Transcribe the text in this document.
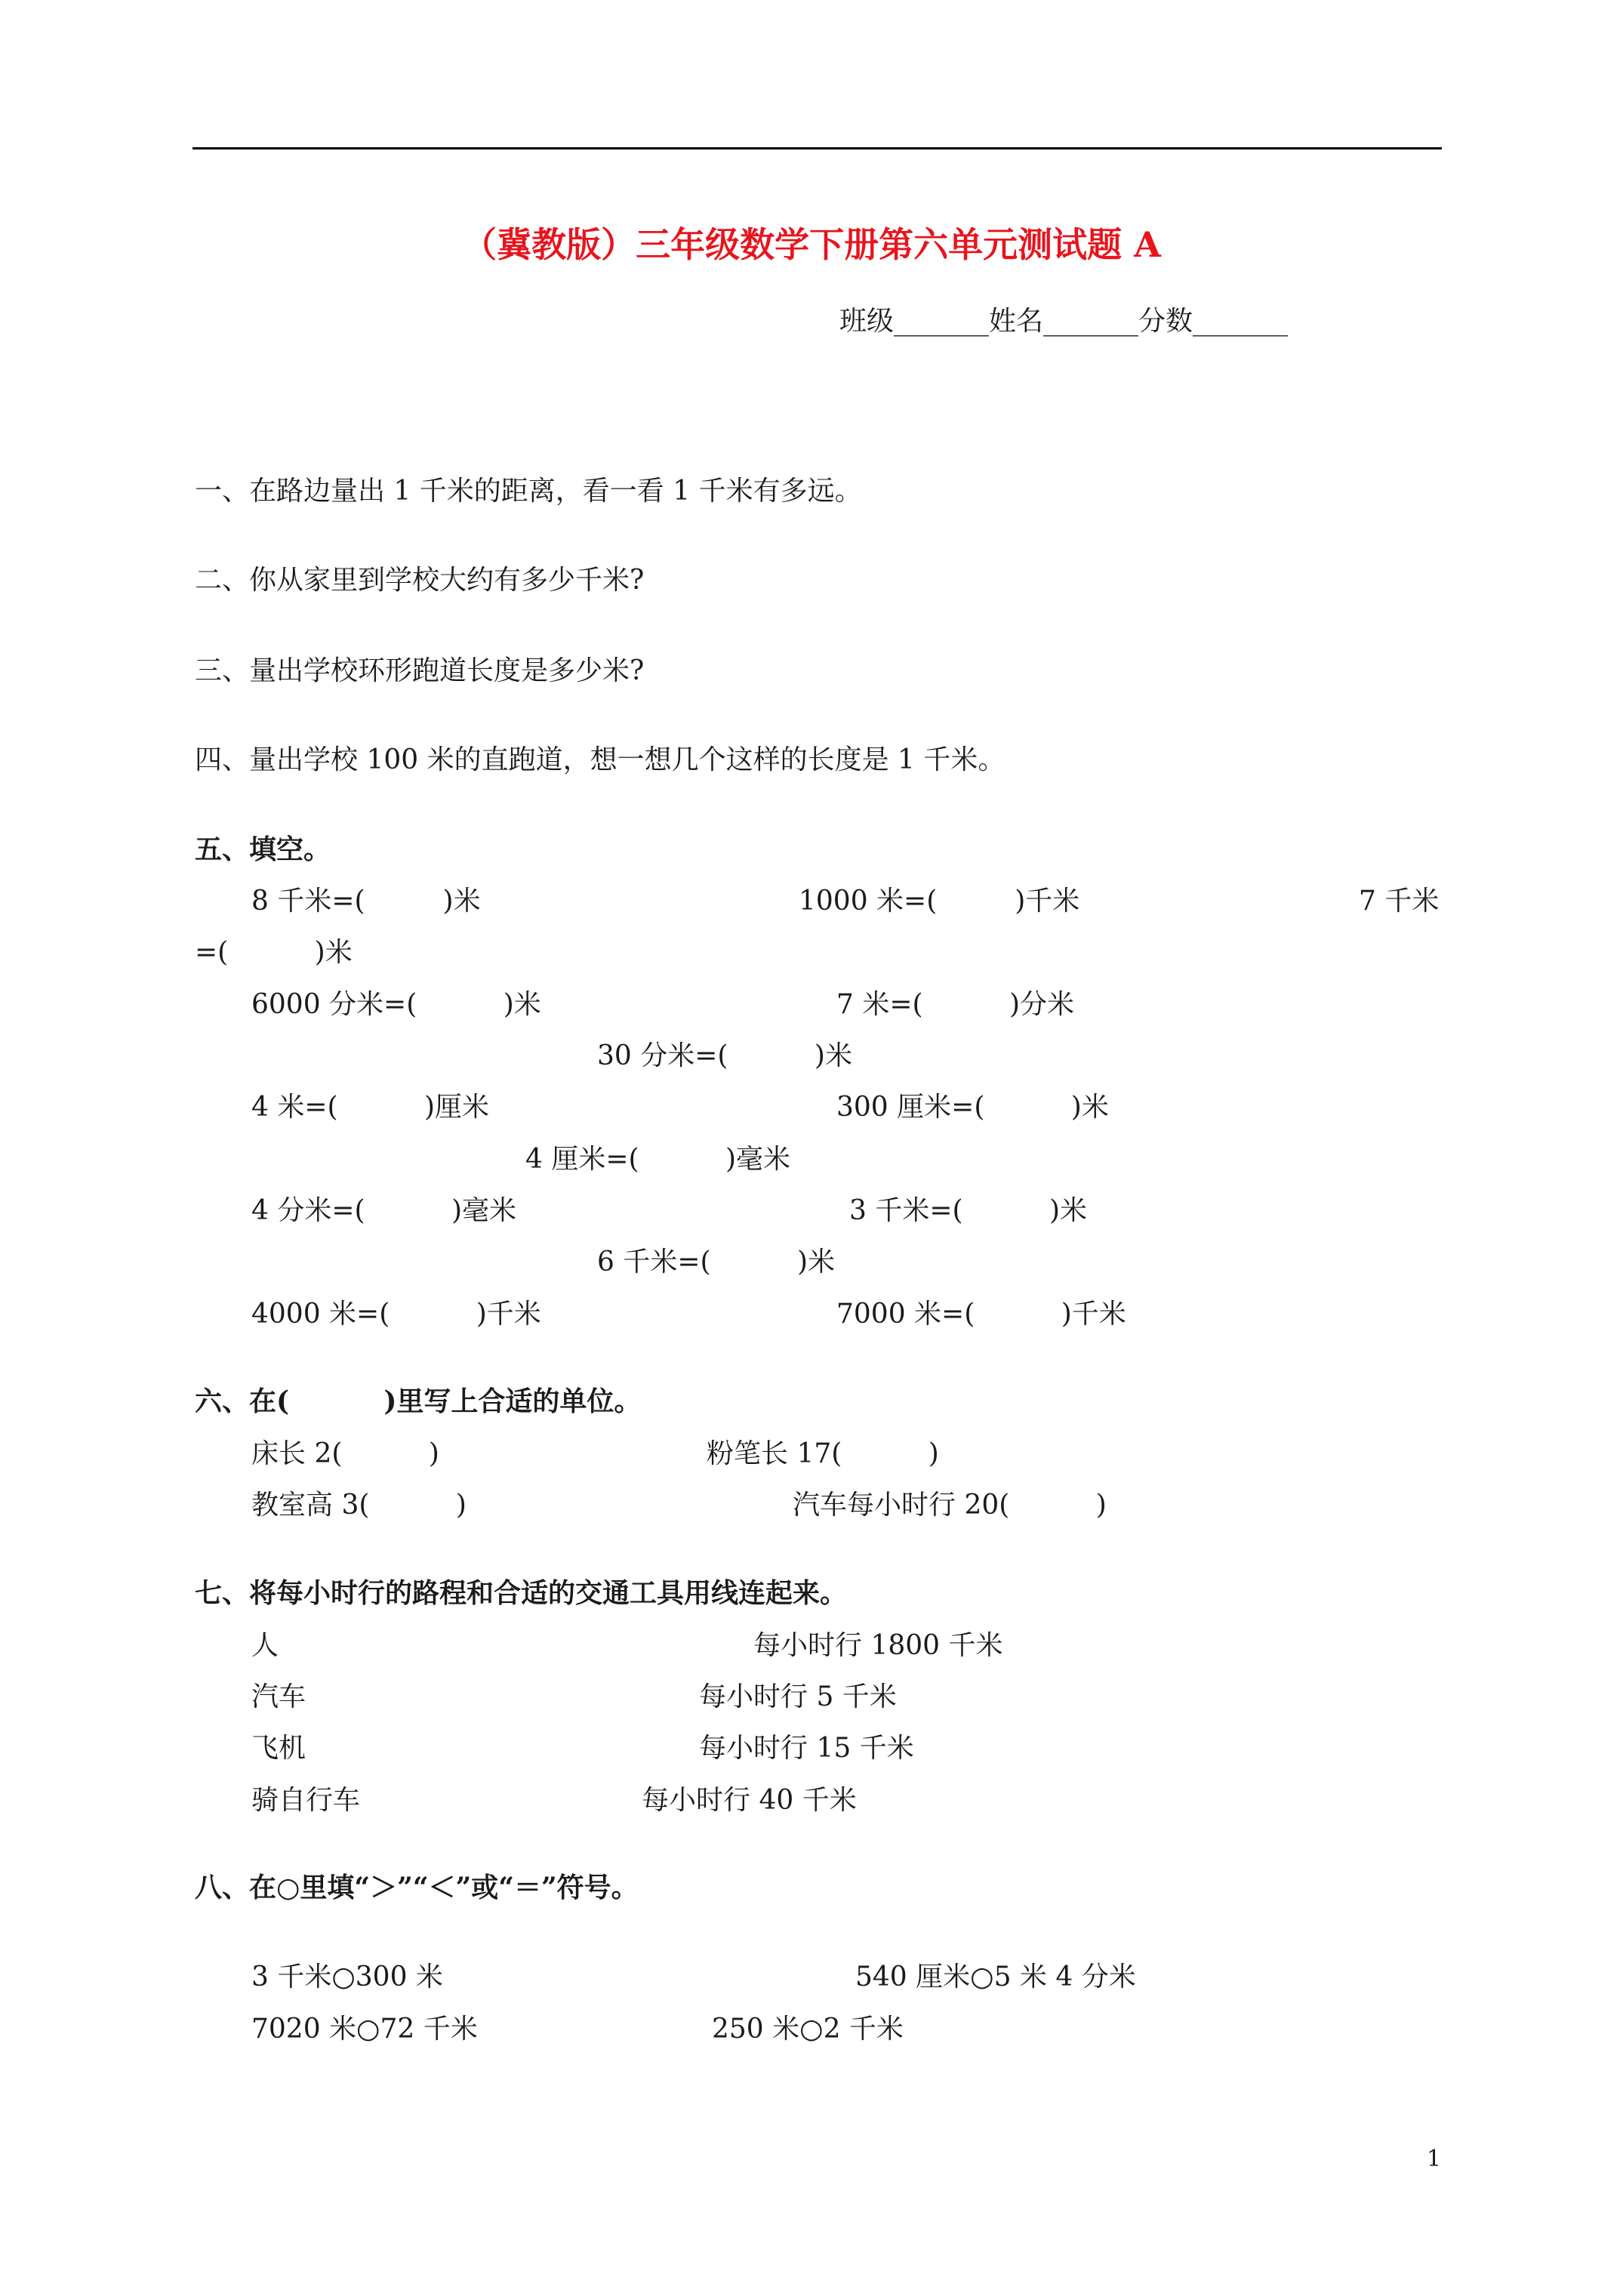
（冀教版）三年级数学下册第六单元测试题 A
班级_______姓名_______分数_______
一、在路边量出 1 千米的距离，看一看 1 千米有多远。
二、你从家里到学校大约有多少千米?
三、量出学校环形跑道长度是多少米?
四、量出学校 100 米的直跑道，想一想几个这样的长度是 1 千米。
五、填空。
8 千米=(         )米	1000 米=(         )千米	7 千米
=(          )米
6000 分米=(          )米	7 米=(          )分米
30 分米=(          )米
4 米=(          )厘米	300 厘米=(          )米
4 厘米=(          )毫米
4 分米=(          )毫米	3 千米=(          )米
6 千米=(          )米
4000 米=(          )千米	7000 米=(          )千米
六、在(          )里写上合适的单位。
床长 2(          )	粉笔长 17(          )
教室高 3(          )	汽车每小时行 20(          )
七、将每小时行的路程和合适的交通工具用线连起来。
人	每小时行 1800 千米
汽车	每小时行 5 千米
飞机	每小时行 15 千米
骑自行车	每小时行 40 千米
八、在○里填“＞”“＜”或“＝”符号。
3 千米○300 米	540 厘米○5 米 4 分米
7020 米○72 千米	250 米○2 千米
1
